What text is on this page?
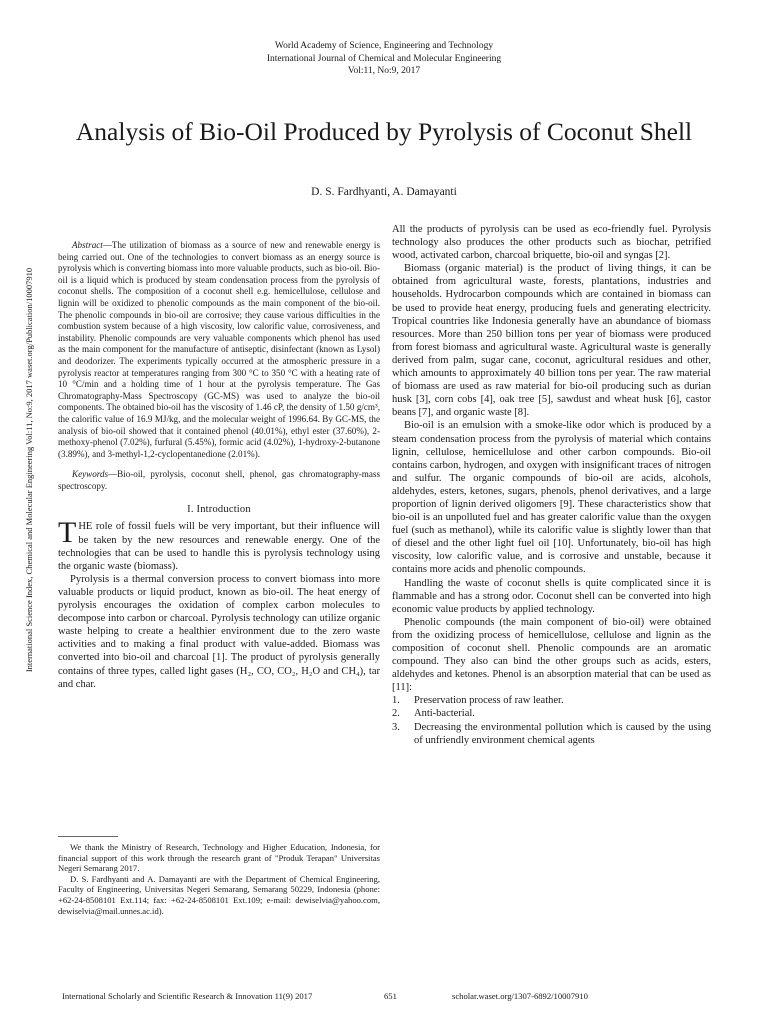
World Academy of Science, Engineering and Technology
International Journal of Chemical and Molecular Engineering
Vol:11, No:9, 2017
Analysis of Bio-Oil Produced by Pyrolysis of Coconut Shell
D. S. Fardhyanti, A. Damayanti
International Science Index, Chemical and Molecular Engineering Vol:11, No:9, 2017 waset.org/Publication/10007910

Abstract—The utilization of biomass as a source of new and renewable energy is being carried out. One of the technologies to convert biomass as an energy source is pyrolysis which is converting biomass into more valuable products, such as bio-oil. Bio-oil is a liquid which is produced by steam condensation process from the pyrolysis of coconut shells. The composition of a coconut shell e.g. hemicellulose, cellulose and lignin will be oxidized to phenolic compounds as the main component of the bio-oil. The phenolic compounds in bio-oil are corrosive; they cause various difficulties in the combustion system because of a high viscosity, low calorific value, corrosiveness, and instability. Phenolic compounds are very valuable components which phenol has used as the main component for the manufacture of antiseptic, disinfectant (known as Lysol) and deodorizer. The experiments typically occurred at the atmospheric pressure in a pyrolysis reactor at temperatures ranging from 300 °C to 350 °C with a heating rate of 10 °C/min and a holding time of 1 hour at the pyrolysis temperature. The Gas Chromatography-Mass Spectroscopy (GC-MS) was used to analyze the bio-oil components. The obtained bio-oil has the viscosity of 1.46 cP, the density of 1.50 g/cm³, the calorific value of 16.9 MJ/kg, and the molecular weight of 1996.64. By GC-MS, the analysis of bio-oil showed that it contained phenol (40.01%), ethyl ester (37.60%), 2-methoxy-phenol (7.02%), furfural (5.45%), formic acid (4.02%), 1-hydroxy-2-butanone (3.89%), and 3-methyl-1,2-cyclopentanedione (2.01%).

Keywords—Bio-oil, pyrolysis, coconut shell, phenol, gas chromatography-mass spectroscopy.

I. Introduction

THE role of fossil fuels will be very important, but their influence will be taken by the new resources and renewable energy. One of the technologies that can be used to handle this is pyrolysis technology using the organic waste (biomass).

Pyrolysis is a thermal conversion process to convert biomass into more valuable products or liquid product, known as bio-oil. The heat energy of pyrolysis encourages the oxidation of complex carbon molecules to decompose into carbon or charcoal. Pyrolysis technology can utilize organic waste helping to create a healthier environment due to the zero waste activities and to making a final product with value-added. Biomass was converted into bio-oil and charcoal [1]. The product of pyrolysis generally contains of three types, called light gases (H₂, CO, CO₂, H₂O and CH₄), tar and char.

We thank the Ministry of Research, Technology and Higher Education, Indonesia, for financial support of this work through the research grant of "Produk Terapan" Universitas Negeri Semarang 2017.

D. S. Fardhyanti and A. Damayanti are with the Department of Chemical Engineering, Faculty of Engineering, Universitas Negeri Semarang, Semarang 50229, Indonesia (phone: +62-24-8508101 Ext.114; fax: +62-24-8508101 Ext.109; e-mail: dewiselvia@yahoo.com, dewiselvia@mail.unnes.ac.id).

All the products of pyrolysis can be used as eco-friendly fuel. Pyrolysis technology also produces the other products such as biochar, petrified wood, activated carbon, charcoal briquette, bio-oil and syngas [2].

Biomass (organic material) is the product of living things, it can be obtained from agricultural waste, forests, plantations, industries and households. Hydrocarbon compounds which are contained in biomass can be used to provide heat energy, producing fuels and generating electricity. Tropical countries like Indonesia generally have an abundance of biomass resources. More than 250 billion tons per year of biomass were produced from forest biomass and agricultural waste. Agricultural waste is generally derived from palm, sugar cane, coconut, agricultural residues and other, which amounts to approximately 40 billion tons per year. The raw material of biomass are used as raw material for bio-oil producing such as durian husk [3], corn cobs [4], oak tree [5], sawdust and wheat husk [6], castor beans [7], and organic waste [8].

Bio-oil is an emulsion with a smoke-like odor which is produced by a steam condensation process from the pyrolysis of material which contains lignin, cellulose, hemicellulose and other carbon compounds. Bio-oil contains carbon, hydrogen, and oxygen with insignificant traces of nitrogen and sulfur. The organic compounds of bio-oil are acids, alcohols, aldehydes, esters, ketones, sugars, phenols, phenol derivatives, and a large proportion of lignin derived oligomers [9]. These characteristics show that bio-oil is an unpolluted fuel and has greater calorific value than the oxygen fuel (such as methanol), while its calorific value is slightly lower than that of diesel and the other light fuel oil [10]. Unfortunately, bio-oil has high viscosity, low calorific value, and is corrosive and unstable, because it contains more acids and phenolic compounds.

Handling the waste of coconut shells is quite complicated since it is flammable and has a strong odor. Coconut shell can be converted into high economic value products by applied technology.

Phenolic compounds (the main component of bio-oil) were obtained from the oxidizing process of hemicellulose, cellulose and lignin as the composition of coconut shell. Phenolic compounds are an aromatic compound. They also can bind the other groups such as acids, esters, aldehydes and ketones. Phenol is an absorption material that can be used as [11]:

1. Preservation process of raw leather.
2. Anti-bacterial.
3. Decreasing the environmental pollution which is caused by the using of unfriendly environment chemical agents
International Scholarly and Scientific Research & Innovation 11(9) 2017	651	scholar.waset.org/1307-6892/10007910
